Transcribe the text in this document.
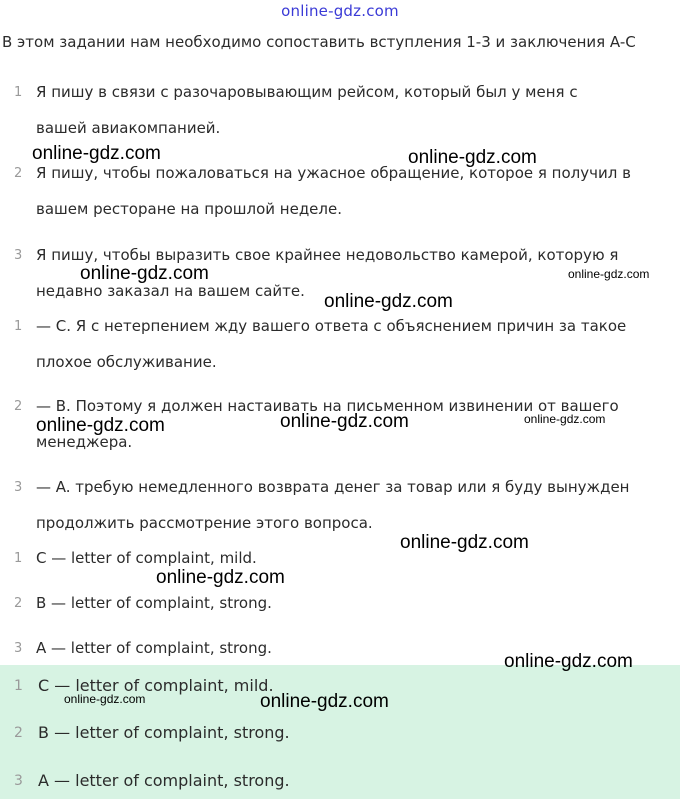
online-gdz.com
В этом задании нам необходимо сопоставить вступления 1-3 и заключения A-C
1 Я пишу в связи с разочаровывающим рейсом, который был у меня с
вашей авиакомпанией.
2 Я пишу, чтобы пожаловаться на ужасное обращение, которое я получил в
вашем ресторане на прошлой неделе.
3 Я пишу, чтобы выразить свое крайнее недовольство камерой, которую я
недавно заказал на вашем сайте.
1 — C. Я с нетерпением жду вашего ответа с объяснением причин за такое
плохое обслуживание.
2 — B. Поэтому я должен настаивать на письменном извинении от вашего
менеджера.
3 — A. требую немедленного возврата денег за товар или я буду вынужден
продолжить рассмотрение этого вопроса.
1 C — letter of complaint, mild.
2 B — letter of complaint, strong.
3 A — letter of complaint, strong.
1 C — letter of complaint, mild.
2 B — letter of complaint, strong.
3 A — letter of complaint, strong.
online-gdz.com	online-gdz.com
online-gdz.com	online-gdz.com
online-gdz.com
online-gdz.com	online-gdz.com	online-gdz.com
online-gdz.com
online-gdz.com
online-gdz.com
online-gdz.com	online-gdz.com
